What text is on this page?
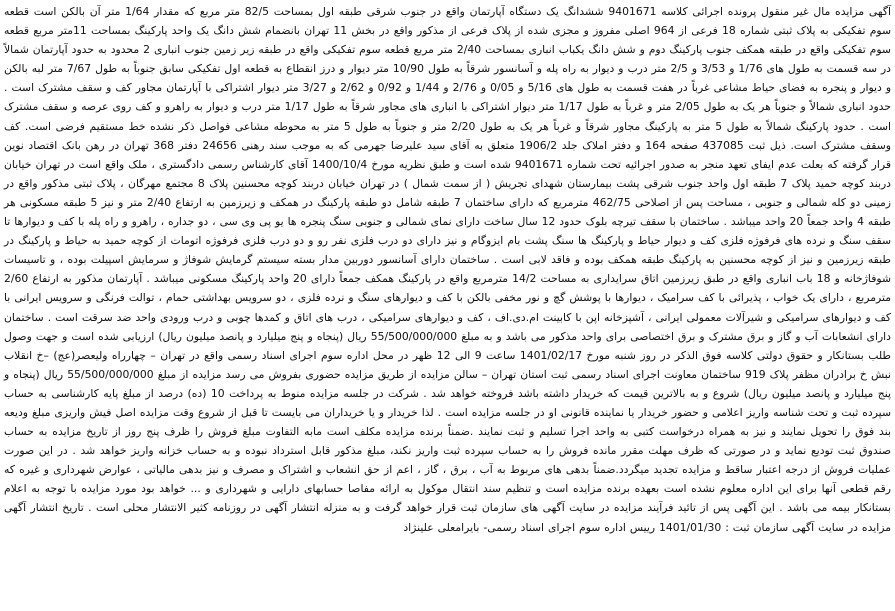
آگهی مزایده مال غیر منقول پرونده اجرائی کلاسه 9401671 ششدانگ یک دستگاه آپارتمان واقع در جنوب شرقی طبقه اول بمساحت 82/5 متر مربع که مقدار 1/64 متر آن بالکن است قطعه سوم تفکیکی به پلاک ثبتی شماره 18 فرعی از 964 اصلی مفروز و مجزی شده از پلاک فرعی از مذکور واقع در بخش 11 تهران بانضمام شش دانگ یک واحد پارکینگ بمساحت 11متر مربع قطعه سوم تفکیکی واقع در طبقه همکف جنوب پارکینگ دوم و شش دانگ یکباب انباری بمساحت 2/40 متر مربع قطعه سوم تفکیکی واقع در طبقه زیر زمین جنوب انباری 2 محدود به حدود آپارتمان شمالاً در سه قسمت به طول های 1/76 و 3/53 و 2/5 متر درب و دیوار به راه پله و آسانسور شرقاً به طول 10/90 متر دیوار و درز انقطاع به قطعه اول تفکیکی سابق جنوباً به طول 7/67 متر لبه بالکن و دیوار و پنجره به فضای حیاط مشاعی غرباً در هفت قسمت به طول های 5/16 و 0/05 و 2/76 و 1/44 و 0/92 و 2/62 و 3/27 متر دیوار اشتراکی با آپارتمان مجاور کف و سقف مشترک است . حدود انباری شمالاً و جنوباً هر یک به طول 2/05 متر و غرباً به طول 1/17 متر دیوار اشتراکی با انباری های مجاور شرقاً به طول 1/17 متر درب و دیوار به راهرو و کف روی عرصه و سقف مشترک است . حدود پارکینگ شمالاً به طول 5 متر به پارکینگ مجاور شرقاً و غرباً هر یک به طول 2/20 متر و جنوباً به طول 5 متر به محوطه مشاعی فواصل ذکر نشده خط مستقیم فرضی است. کف وسقف مشترک است. ذیل ثبت 437085 صفحه 164 و دفتر املاک جلد 1906/2 متعلق به آقای سید علیرضا جهرمی که به موجب سند رهنی 24656 دفتر 368 تهران در رهن بانک اقتصاد نوین قرار گرفته که بعلت عدم ایفای تعهد منجر به صدور اجرائیه تحت شماره 9401671 شده است و طبق نظریه مورخ 1400/10/4 آقای کارشناس رسمی دادگستری ، ملک واقع است در تهران خیابان دربند کوچه حمید پلاک 7 طبقه اول واحد جنوب شرقی پشت بیمارستان شهدای تجریش ( از سمت شمال ) در تهران خیابان دربند کوچه محسنین پلاک 8 مجتمع مهرگان ، پلاک ثبتی مذکور واقع در زمینی دو کله شمالی و جنوبی ، مساحت پس از اصلاحی 462/75 مترمربع که دارای ساختمان 7 طبقه شامل دو طبقه پارکینگ در همکف و زیرزمین به ارتفاع 2/40 متر و نیز 5 طبقه مسکونی هر طبقه 4 واحد جمعاً 20 واحد میباشد . ساختمان با سقف تیرچه بلوک حدود 12 سال ساخت دارای نمای شمالی و جنوبی سنگ پنجره ها یو پی وی سی ، دو جداره ، راهرو و راه پله با کف و دیوارها تا سقف سنگ و نرده های فرفوژه فلزی کف و دیوار حیاط و پارکینگ ها سنگ پشت بام ایزوگام و نیز دارای دو درب فلزی نفر رو و دو درب فلزی فرفوژه اتومات از کوچه حمید به حیاط و پارکینگ در طبقه زیرزمین و نیز از کوچه محسنین به پارکینگ طبقه همکف بوده و فاقد لابی است . ساختمان دارای آسانسور دوربین مدار بسته سیستم گرمایش شوفاژ و سرمایش اسپیلت بوده ، و تاسیسات شوفاژخانه و 18 باب انباری واقع در طبق زیرزمین اتاق سرایداری به مساحت 14/2 مترمربع واقع در پارکینگ همکف جمعاً دارای 20 واحد پارکینگ مسکونی میباشد . آپارتمان مذکور به ارتفاع 2/60 مترمربع ، دارای یک خواب ، پذیرائی با کف سرامیک ، دیوارها با پوشش گچ و نور مخفی بالکن با کف و دیوارهای سنگ و نرده فلزی ، دو سرویس بهداشتی حمام ، توالت فرنگی و سرویس ایرانی با کف و دیوارهای سرامیکی و شیرآلات معمولی ایرانی ، آشپزخانه اپن با کابینت ام.دی.اف ، کف و دیوارهای سرامیکی ، درب های اتاق و کمدها چوبی و درب ورودی واحد ضد سرقت است . ساختمان دارای انشعابات آب و گاز و برق مشترک و برق اختصاصی برای واحد مذکور می باشد و به مبلغ 55/500/000/000 ریال (پنجاه و پنج میلیارد و پانصد میلیون ریال) ارزیابی شده است و جهت وصول طلب بستانکار و حقوق دولتی کلاسه فوق الذکر در روز شنبه مورخ 1401/02/17 ساعت 9 الی 12 ظهر در محل اداره سوم اجرای اسناد رسمی واقع در تهران – چهارراه ولیعصر(عج) –خ انقلاب نبش خ برادران مظفر پلاک 919 ساختمان معاونت اجرای اسناد رسمی ثبت استان تهران – سالن مزایده از طریق مزایده حضوری بفروش می رسد مزایده از مبلغ 55/500/000/000 ریال (پنجاه و پنج میلیارد و پانصد میلیون ریال) شروع و به بالاترین قیمت که خریدار داشته باشد فروخته خواهد شد . شرکت در جلسه مزایده منوط به پرداخت 10 (ده) درصد از مبلغ پایه کارشناسی به حساب سپرده ثبت و تحت شناسه واریز اعلامی و حضور خریدار یا نماینده قانونی او در جلسه مزایده است . لذا خریدار و یا خریداران می بایست تا قبل از شروع وقت مزایده اصل فیش واریزی مبلغ ودیعه بند فوق را تحویل نمایند و نیز به همراه درخواست کتبی به واحد اجرا تسلیم و ثبت نمایند .ضمناً برنده مزایده مکلف است مابه التفاوت مبلغ فروش را ظرف پنج روز از تاریخ مزایده به حساب صندوق ثبت تودیع نماید و در صورتی که ظرف مهلت مقرر مانده فروش را به حساب سپرده ثبت واریز نکند، مبلغ مذکور قابل استرداد نبوده و به حساب خزانه واریز خواهد شد . در این صورت عملیات فروش از درجه اعتبار ساقط و مزایده تجدید میگردد.ضمناً بدهی های مربوط به آب ، برق ، گاز ، اعم از حق انشعاب و اشتراک و مصرف و نیز بدهی مالیاتی ، عوارض شهرداری و غیره که رقم قطعی آنها برای این اداره معلوم نشده است بعهده برنده مزایده است و تنظیم سند انتقال موکول به ارائه مفاصا حسابهای دارایی و شهرداری و ... خواهد بود مورد مزایده با توجه به اعلام بستانکار بیمه می باشد . این آگهی پس از تائید فرآیند مزایده در سایت آگهی های سازمان ثبت قرار خواهد گرفت و به منزله انتشار آگهی در روزنامه کثیر الانتشار محلی است . تاریخ انتشار آگهی مزایده در سایت آگهی سازمان ثبت : 1401/01/30 رییس اداره سوم اجرای اسناد رسمی- بایرامعلی علینژاد
